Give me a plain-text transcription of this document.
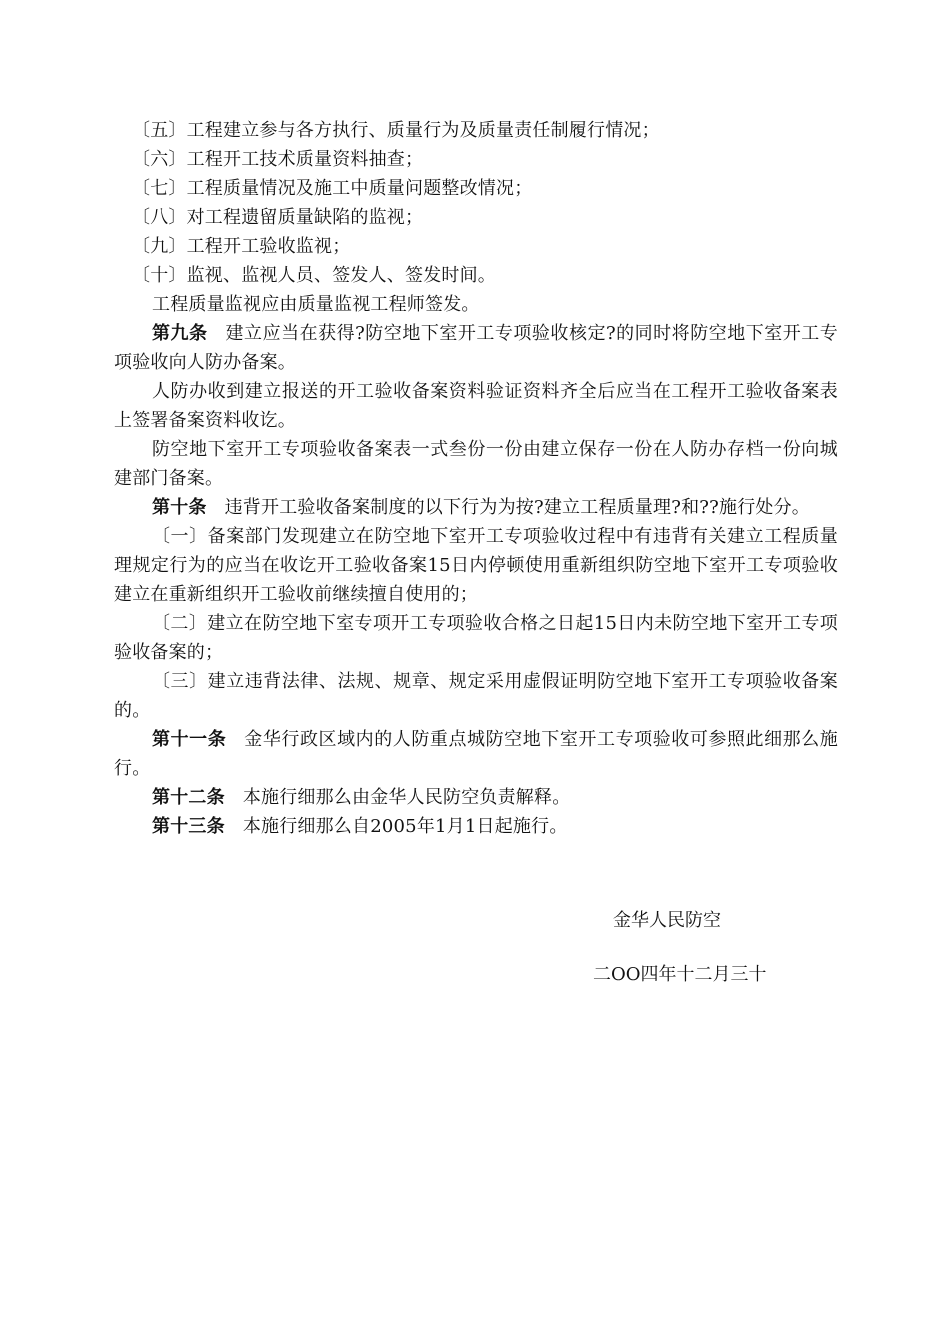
〔五〕工程建立参与各方执行、质量行为及质量责任制履行情况；

〔六〕工程开工技术质量资料抽查；

〔七〕工程质量情况及施工中质量问题整改情况；

〔八〕对工程遗留质量缺陷的监视；

〔九〕工程开工验收监视；

〔十〕监视、监视人员、签发人、签发时间。

工程质量监视应由质量监视工程师签发。

第九条 建立应当在获得?防空地下室开工专项验收核定?的同时将防空地下室开工专项验收向人防办备案。

人防办收到建立报送的开工验收备案资料验证资料齐全后应当在工程开工验收备案表上签署备案资料收讫。

防空地下室开工专项验收备案表一式叁份一份由建立保存一份在人防办存档一份向城建部门备案。

第十条 违背开工验收备案制度的以下行为为按?建立工程质量理?和??施行处分。

〔一〕备案部门发现建立在防空地下室开工专项验收过程中有违背有关建立工程质量理规定行为的应当在收讫开工验收备案15日内停顿使用重新组织防空地下室开工专项验收建立在重新组织开工验收前继续擅自使用的；

〔二〕建立在防空地下室专项开工专项验收合格之日起15日内未防空地下室开工专项验收备案的；

〔三〕建立违背法律、法规、规章、规定采用虚假证明防空地下室开工专项验收备案的。

第十一条 金华行政区域内的人防重点城防空地下室开工专项验收可参照此细那么施行。

第十二条 本施行细那么由金华人民防空负责解释。

第十三条 本施行细那么自2005年1月1日起施行。

金华人民防空
二OO四年十二月三十
